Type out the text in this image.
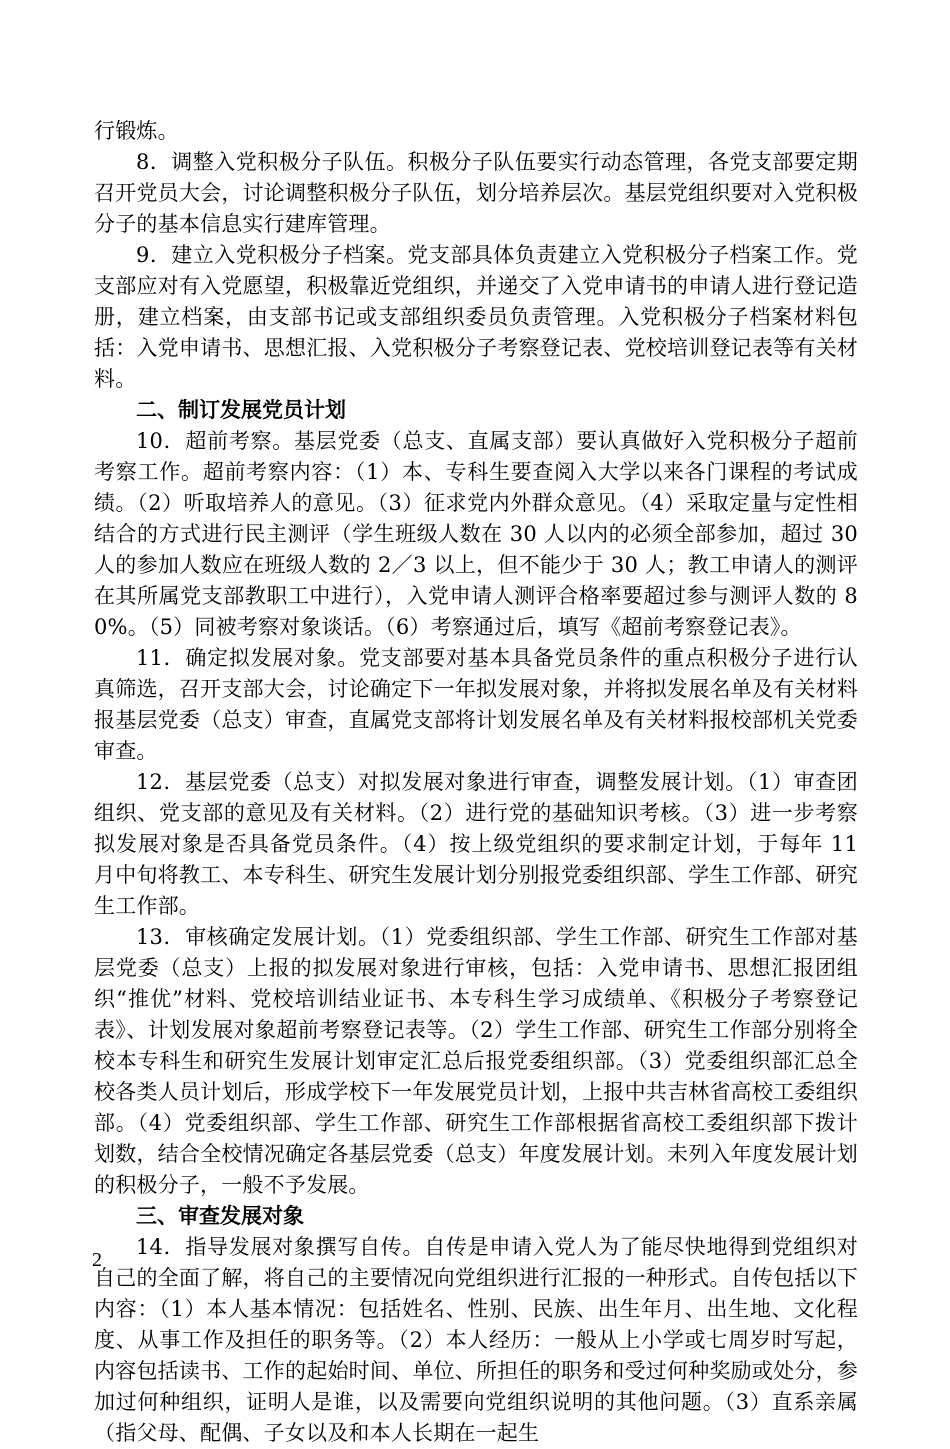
行锻炼。

8．调整入党积极分子队伍。积极分子队伍要实行动态管理，各党支部要定期召开党员大会，讨论调整积极分子队伍，划分培养层次。基层党组织要对入党积极分子的基本信息实行建库管理。

9．建立入党积极分子档案。党支部具体负责建立入党积极分子档案工作。党支部应对有入党愿望，积极靠近党组织，并递交了入党申请书的申请人进行登记造册，建立档案，由支部书记或支部组织委员负责管理。入党积极分子档案材料包括：入党申请书、思想汇报、入党积极分子考察登记表、党校培训登记表等有关材料。

二、制订发展党员计划

10．超前考察。基层党委（总支、直属支部）要认真做好入党积极分子超前考察工作。超前考察内容：（1）本、专科生要查阅入大学以来各门课程的考试成绩。（2）听取培养人的意见。（3）征求党内外群众意见。（4）采取定量与定性相结合的方式进行民主测评（学生班级人数在 30 人以内的必须全部参加，超过 30 人的参加人数应在班级人数的 2／3 以上，但不能少于 30 人；教工申请人的测评在其所属党支部教职工中进行），入党申请人测评合格率要超过参与测评人数的 80%。（5）同被考察对象谈话。（6）考察通过后，填写《超前考察登记表》。

11．确定拟发展对象。党支部要对基本具备党员条件的重点积极分子进行认真筛选，召开支部大会，讨论确定下一年拟发展对象，并将拟发展名单及有关材料报基层党委（总支）审查，直属党支部将计划发展名单及有关材料报校部机关党委审查。

12．基层党委（总支）对拟发展对象进行审查，调整发展计划。（1）审查团组织、党支部的意见及有关材料。（2）进行党的基础知识考核。（3）进一步考察拟发展对象是否具备党员条件。（4）按上级党组织的要求制定计划，于每年 11 月中旬将教工、本专科生、研究生发展计划分别报党委组织部、学生工作部、研究生工作部。

13．审核确定发展计划。（1）党委组织部、学生工作部、研究生工作部对基层党委（总支）上报的拟发展对象进行审核，包括：入党申请书、思想汇报团组织“推优”材料、党校培训结业证书、本专科生学习成绩单、《积极分子考察登记表》、计划发展对象超前考察登记表等。（2）学生工作部、研究生工作部分别将全校本专科生和研究生发展计划审定汇总后报党委组织部。（3）党委组织部汇总全校各类人员计划后，形成学校下一年发展党员计划，上报中共吉林省高校工委组织部。（4）党委组织部、学生工作部、研究生工作部根据省高校工委组织部下拨计划数，结合全校情况确定各基层党委（总支）年度发展计划。未列入年度发展计划的积极分子，一般不予发展。

三、审查发展对象

14．指导发展对象撰写自传。自传是申请入党人为了能尽快地得到党组织对自己的全面了解，将自己的主要情况向党组织进行汇报的一种形式。自传包括以下内容：（1）本人基本情况：包括姓名、性别、民族、出生年月、出生地、文化程度、从事工作及担任的职务等。（2）本人经历：一般从上小学或七周岁时写起，内容包括读书、工作的起始时间、单位、所担任的职务和受过何种奖励或处分，参加过何种组织，证明人是谁，以及需要向党组织说明的其他问题。（3）直系亲属（指父母、配偶、子女以及和本人长期在一起生

2
